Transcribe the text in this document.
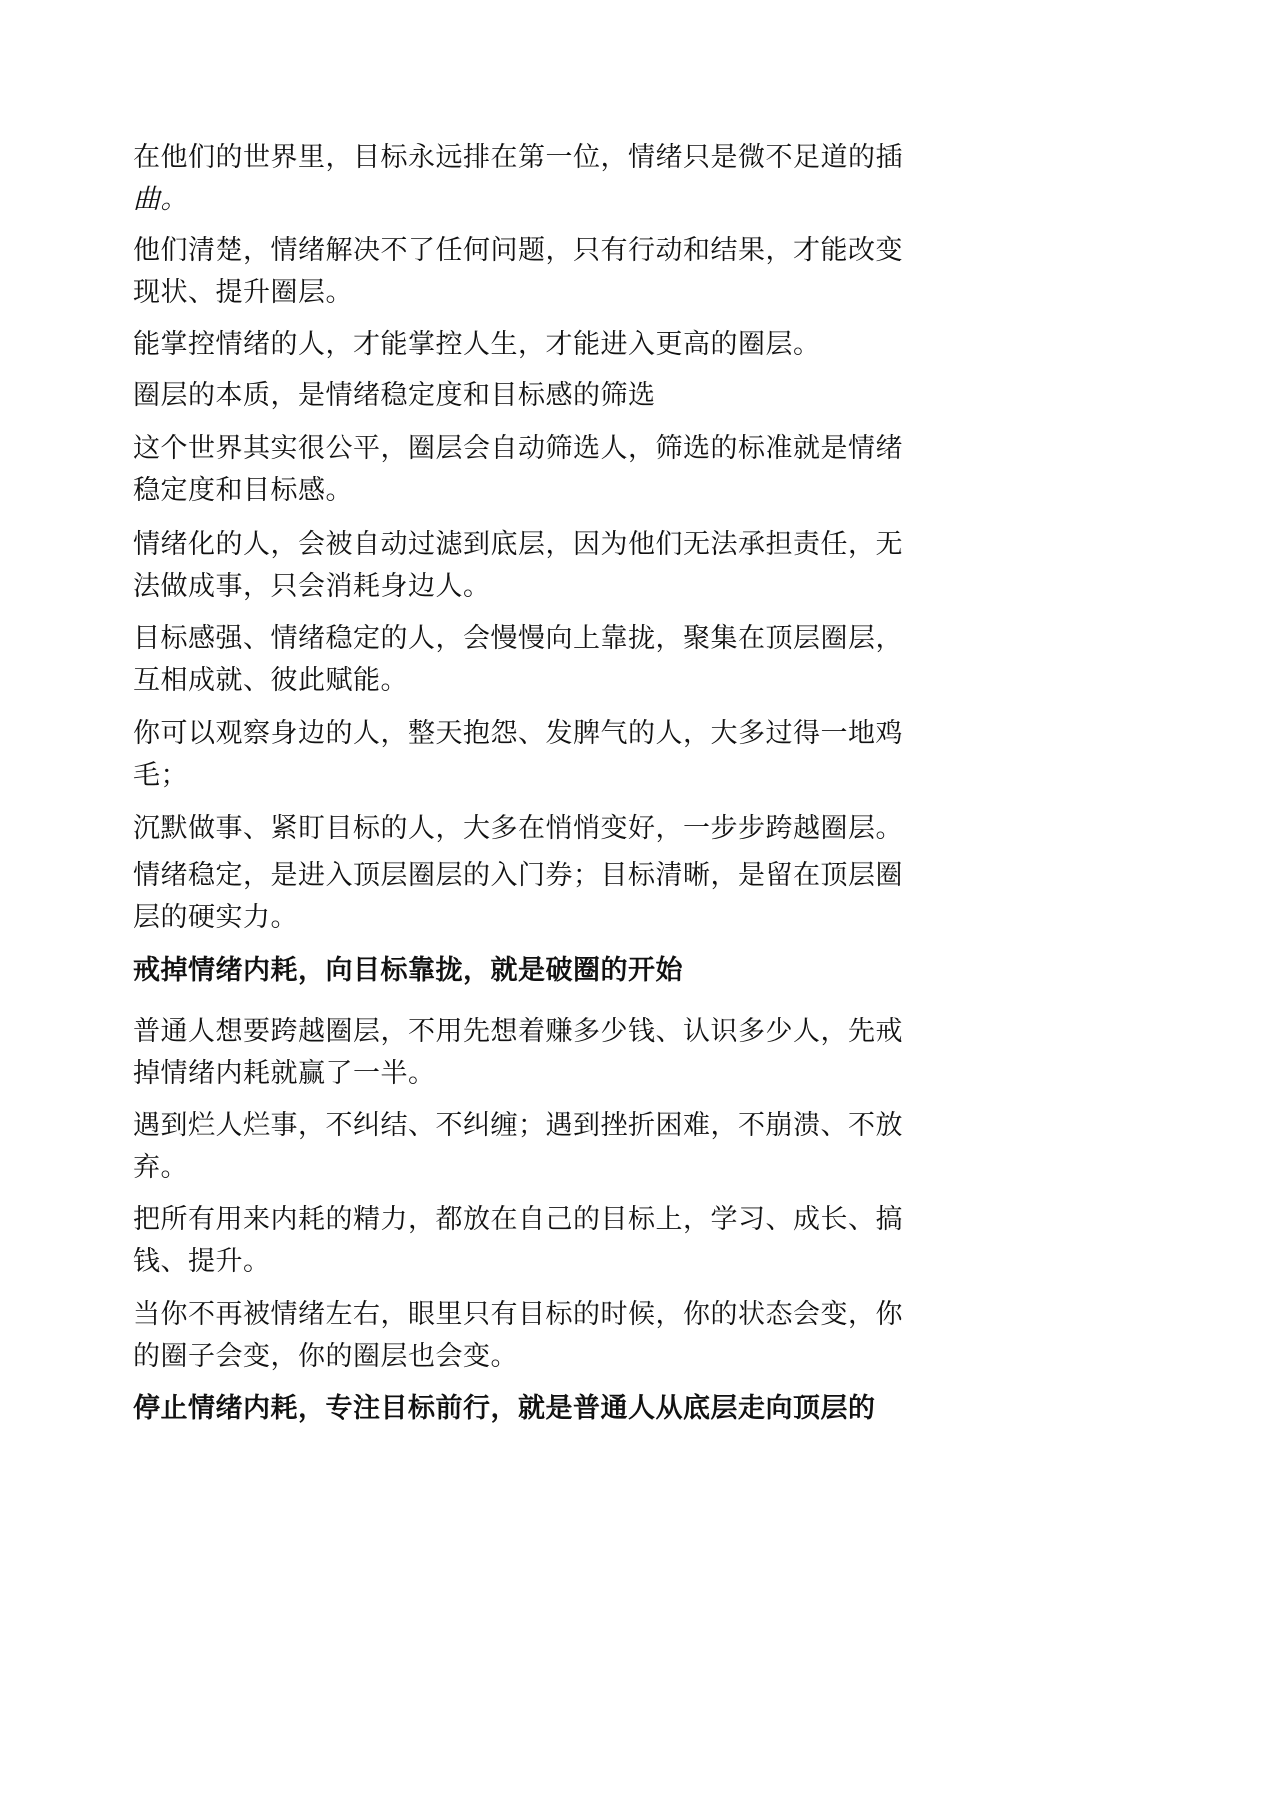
在他们的世界里，目标永远排在第一位，情绪只是微不足道的插
曲。

他们清楚，情绪解决不了任何问题，只有行动和结果，才能改变
现状、提升圈层。

能掌控情绪的人，才能掌控人生，才能进入更高的圈层。

圈层的本质，是情绪稳定度和目标感的筛选

这个世界其实很公平，圈层会自动筛选人，筛选的标准就是情绪
稳定度和目标感。

情绪化的人，会被自动过滤到底层，因为他们无法承担责任，无
法做成事，只会消耗身边人。

目标感强、情绪稳定的人，会慢慢向上靠拢，聚集在顶层圈层，
互相成就、彼此赋能。

你可以观察身边的人，整天抱怨、发脾气的人，大多过得一地鸡
毛；

沉默做事、紧盯目标的人，大多在悄悄变好，一步步跨越圈层。

情绪稳定，是进入顶层圈层的入门券；目标清晰，是留在顶层圈
层的硬实力。

戒掉情绪内耗，向目标靠拢，就是破圈的开始

普通人想要跨越圈层，不用先想着赚多少钱、认识多少人，先戒
掉情绪内耗就赢了一半。

遇到烂人烂事，不纠结、不纠缠；遇到挫折困难，不崩溃、不放
弃。

把所有用来内耗的精力，都放在自己的目标上，学习、成长、搞
钱、提升。

当你不再被情绪左右，眼里只有目标的时候，你的状态会变，你
的圈子会变，你的圈层也会变。

停止情绪内耗，专注目标前行，就是普通人从底层走向顶层的
